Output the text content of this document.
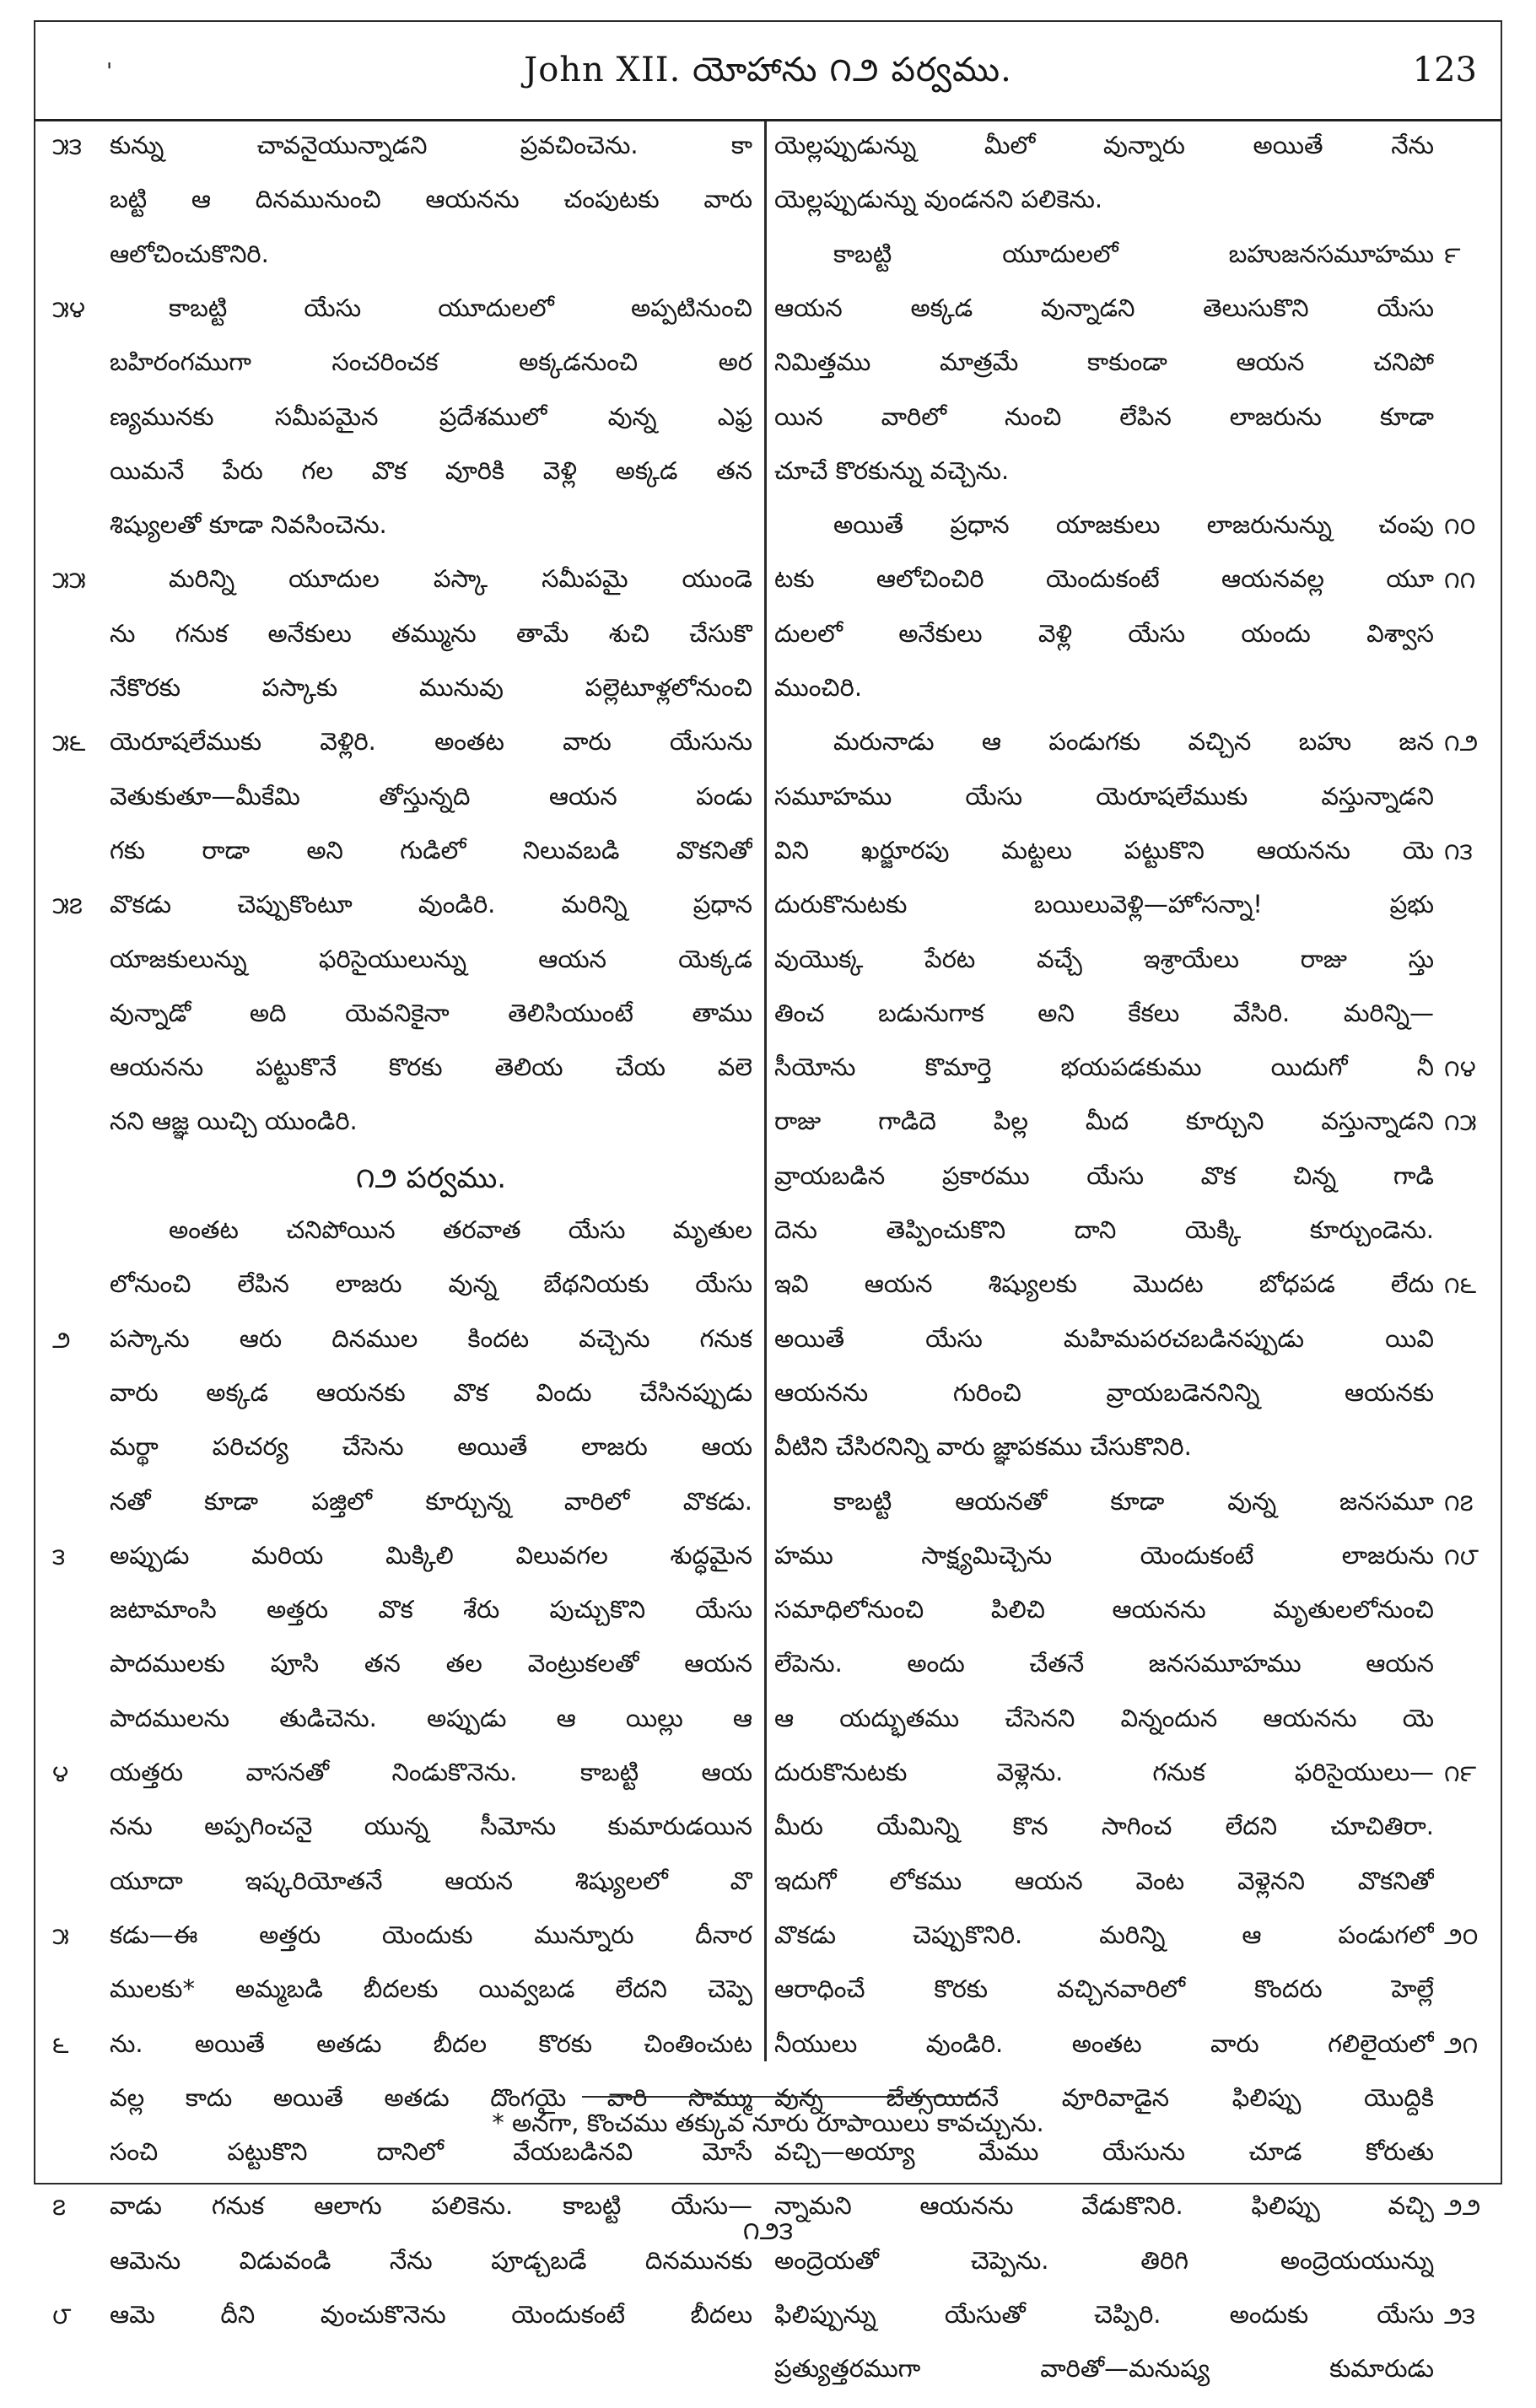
'	John XII. యోహాను ౧౨ పర్వము.	123
కున్ను చావనైయున్నాడని ప్రవచించెను. కా
బట్టి ఆ దినమునుంచి ఆయనను చంపుటకు వారు
ఆలోచించుకొనిరి.
కాబట్టి యేసు యూదులలో అప్పటినుంచి
బహిరంగముగా సంచరించక అక్కడనుంచి అర
ణ్యమునకు సమీపమైన ప్రదేశములో వున్న ఎఫ్ర
యిమనే పేరు గల వొక వూరికి వెళ్లి అక్కడ తన
శిష్యులతో కూడా నివసించెను.
మరిన్ని యూదుల పస్కా సమీపమై యుండె
ను గనుక అనేకులు తమ్మును తామే శుచి చేసుకొ
నేకొరకు పస్కాకు మునువు పల్లెటూళ్లలోనుంచి
యెరూషలేముకు వెళ్లిరి. అంతట వారు యేసును
వెతుకుతూ—మీకేమి తోస్తున్నది ఆయన పండు
గకు రాడా అని గుడిలో నిలువబడి వొకనితో
వొకడు చెప్పుకొంటూ వుండిరి. మరిన్ని ప్రధాన
యాజకులున్ను ఫరిసైయులున్ను ఆయన యెక్కడ
వున్నాడో అది యెవనికైనా తెలిసియుంటే తాము
ఆయనను పట్టుకొనే కొరకు తెలియ చేయ వలె
నని ఆజ్ఞ యిచ్చి యుండిరి.
౧౨ పర్వము.
అంతట చనిపోయిన తరవాత యేసు మృతుల
లోనుంచి లేపిన లాజరు వున్న బేథనియకు యేసు
పస్కాను ఆరు దినముల కిందట వచ్చెను గనుక
వారు అక్కడ ఆయనకు వొక విందు చేసినప్పుడు
మర్థా పరిచర్య చేసెను అయితే లాజరు ఆయ
నతో కూడా పజ్తిలో కూర్చున్న వారిలో వొకడు.
అప్పుడు మరియ మిక్కిలి విలువగల శుద్ధమైన
జటామాంసి అత్తరు వొక శేరు పుచ్చుకొని యేసు
పాదములకు పూసి తన తల వెంట్రుకలతో ఆయన
పాదములను తుడిచెను. అప్పుడు ఆ యిల్లు ఆ
యత్తరు వాసనతో నిండుకొనెను. కాబట్టి ఆయ
నను అప్పగించనై యున్న సీమోను కుమారుడయిన
యూదా ఇష్కరియోతనే ఆయన శిష్యులలో వొ
కడు—ఈ అత్తరు యెందుకు మున్నూరు దీనార
ములకు* అమ్మబడి బీదలకు యివ్వబడ లేదని చెప్పె
ను. అయితే అతడు బీదల కొరకు చింతించుట
వల్ల కాదు అయితే అతడు దొంగయై వారి సొమ్ము
సంచి పట్టుకొని దానిలో వేయబడినవి మోసే
వాడు గనుక ఆలాగు పలికెను. కాబట్టి యేసు—
ఆమెను విడువండి నేను పూడ్చబడే దినమునకు
ఆమె దీని వుంచుకొనెను యెందుకంటే బీదలు
యెల్లప్పుడున్ను మీలో వున్నారు అయితే నేను
యెల్లప్పుడున్ను వుండనని పలికెను.
కాబట్టి యూదులలో బహుజనసమూహము
ఆయన అక్కడ వున్నాడని తెలుసుకొని యేసు
నిమిత్తము మాత్రమే కాకుండా ఆయన చనిపో
యిన వారిలో నుంచి లేపిన లాజరును కూడా
చూచే కొరకున్ను వచ్చెను.
అయితే ప్రధాన యాజకులు లాజరునున్ను చంపు
టకు ఆలోచించిరి యెందుకంటే ఆయనవల్ల యూ
దులలో అనేకులు వెళ్లి యేసు యందు విశ్వాస
ముంచిరి.
మరునాడు ఆ పండుగకు వచ్చిన బహు జన
సమూహము యేసు యెరూషలేముకు వస్తున్నాడని
విని ఖర్జూరపు మట్టలు పట్టుకొని ఆయనను యె
దురుకొనుటకు బయిలువెళ్లి—హోసన్నా! ప్రభు
వుయొక్క పేరట వచ్చే ఇశ్రాయేలు రాజు స్తు
తించ బడునుగాక అని కేకలు వేసిరి. మరిన్ని—
సీయోను కొమార్తె భయపడకుము యిదుగో నీ
రాజు గాడిదె పిల్ల మీద కూర్చుని వస్తున్నాడని
వ్రాయబడిన ప్రకారము యేసు వొక చిన్న గాడి
దెను తెప్పించుకొని దాని యెక్కి కూర్చుండెను.
ఇవి ఆయన శిష్యులకు మొదట బోధపడ లేదు
అయితే యేసు మహిమపరచబడినప్పుడు యివి
ఆయనను గురించి వ్రాయబడెననిన్ని ఆయనకు
వీటిని చేసిరనిన్ని వారు జ్ఞాపకము చేసుకొనిరి.
కాబట్టి ఆయనతో కూడా వున్న జనసమూ
హము సాక్ష్యమిచ్చెను యెందుకంటే లాజరును
సమాధిలోనుంచి పిలిచి ఆయనను మృతులలోనుంచి
లేపెను. అందు చేతనే జనసమూహము ఆయన
ఆ యద్భుతము చేసెనని విన్నందున ఆయనను యె
దురుకొనుటకు వెళ్లెను. గనుక ఫరిసైయులు—
మీరు యేమిన్ని కొన సాగించ లేదని చూచితిరా.
ఇదుగో లోకము ఆయన వెంట వెళ్లెనని వొకనితో
వొకడు చెప్పుకొనిరి. మరిన్ని ఆ పండుగలో
ఆరాధించే కొరకు వచ్చినవారిలో కొందరు హెల్లే
నీయులు వుండిరి. అంతట వారు గలిలైయలో
వున్న బేత్సయిదనే వూరివాడైన ఫిలిప్పు యొద్దికి
వచ్చి—అయ్యా మేము యేసును చూడ కోరుతు
న్నామని ఆయనను వేడుకొనిరి. ఫిలిప్పు వచ్చి
అంద్రెయతో చెప్పెను. తిరిగి అంద్రెయయున్ను
ఫిలిప్పున్ను యేసుతో చెప్పిరి. అందుకు యేసు
ప్రత్యుత్తరముగా వారితో—మనుష్య కుమారుడు
* అనగా, కొంచము తక్కువ నూరు రూపాయిలు కావచ్చును.
౧౨౩
౫౩
౫౪
౫౫
౫౬
౫౭
౨
౩
౪
౫
౬
౭
౮
౯
౧౦
౧౧
౧౨
౧౩
౧౪
౧౫
౧౬
౧౭
౧౮
౧౯
౨౦
౨౧
౨౨
౨౩
